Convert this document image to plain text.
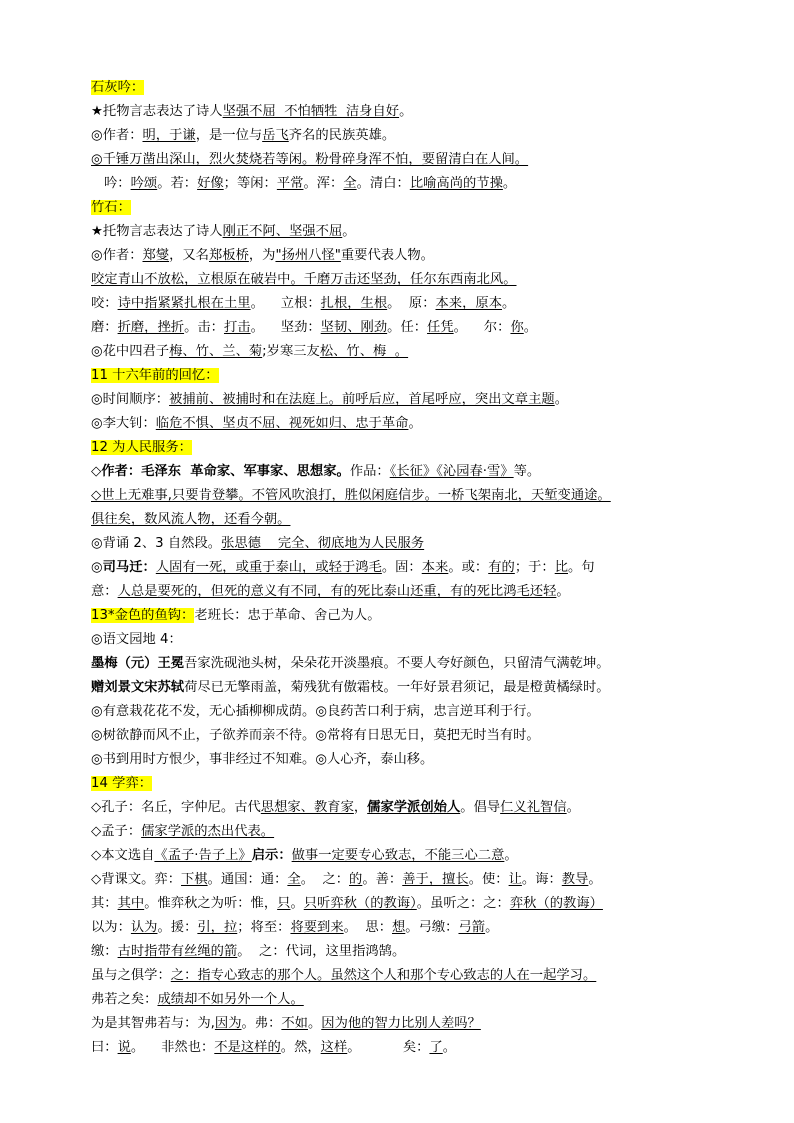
石灰吟：
★托物言志表达了诗人坚强不屈  不怕牺牲  洁身自好。
◎作者：明，于谦，是一位与岳飞齐名的民族英雄。
◎千锤万凿出深山，烈火焚烧若等闲。粉骨碎身浑不怕，要留清白在人间。
吟：吟颂。若：好像；等闲：平常。浑：全。清白：比喻高尚的节操。
竹石：
★托物言志表达了诗人刚正不阿、坚强不屈。
◎作者：郑燮，又名郑板桥，为"扬州八怪"重要代表人物。
咬定青山不放松，立根原在破岩中。千磨万击还坚劲，任尔东西南北风。
咬：诗中指紧紧扎根在土里。    立根：扎根，生根。  原：本来，原本。
磨：折磨，挫折。击：打击。    坚劲：坚韧、刚劲。任：任凭。    尔：你。
◎花中四君子梅、竹、兰、菊;岁寒三友松、竹、梅  。
11 十六年前的回忆：
◎时间顺序：被捕前、被捕时和在法庭上。前呼后应，首尾呼应，突出文章主题。
◎李大钊：临危不惧、坚贞不屈、视死如归、忠于革命。
12 为人民服务：
◇作者：毛泽东  革命家、军事家、思想家。作品：《长征》《沁园春·雪》等。
◇世上无难事,只要肯登攀。不管风吹浪打，胜似闲庭信步。一桥飞架南北，天堑变通途。
俱往矣，数风流人物，还看今朝。
◎背诵 2、3 自然段。张思德    完全、彻底地为人民服务
◎司马迁：人固有一死，或重于泰山，或轻于鸿毛。固：本来。或：有的；于：比。句
意：人总是要死的，但死的意义有不同，有的死比泰山还重，有的死比鸿毛还轻。
13*金色的鱼钩：老班长：忠于革命、舍己为人。
◎语文园地 4：
墨梅（元）王冕吾家洗砚池头树，朵朵花开淡墨痕。不要人夸好颜色，只留清气满乾坤。
赠刘景文宋苏轼荷尽已无擎雨盖，菊残犹有傲霜枝。一年好景君须记，最是橙黄橘绿时。
◎有意栽花花不发，无心插柳柳成荫。◎良药苦口利于病，忠言逆耳利于行。
◎树欲静而风不止，子欲养而亲不待。◎常将有日思无日，莫把无时当有时。
◎书到用时方恨少，事非经过不知难。◎人心齐，泰山移。
14 学弈：
◇孔子：名丘，字仲尼。古代思想家、教育家，儒家学派创始人。倡导仁义礼智信。
◇孟子：儒家学派的杰出代表。
◇本文选自《孟子·告子上》启示：做事一定要专心致志，不能三心二意。
◇背课文。弈：下棋。通国：通：全。  之：的。善：善于，擅长。使：让。诲：教导。
其：其中。惟弈秋之为听：惟，只。只听弈秋（的教诲）。虽听之：之：弈秋（的教诲）
以为：认为。援：引，拉；将至：将要到来。  思：想。弓缴：弓箭。
缴：古时指带有丝绳的箭。  之：代词，这里指鸿鹄。
虽与之俱学：之：指专心致志的那个人。虽然这个人和那个专心致志的人在一起学习。
弗若之矣：成绩却不如另外一个人。
为是其智弗若与：为,因为。弗：不如。因为他的智力比别人差吗？
曰：说。    非然也：不是这样的。然，这样。          矣：了。
